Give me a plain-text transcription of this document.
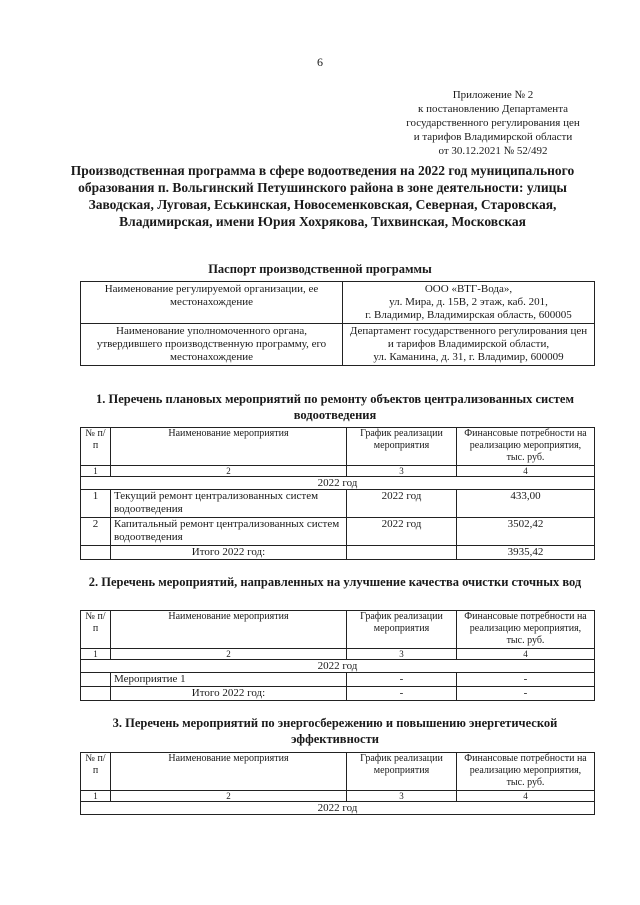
6
Приложение № 2
к постановлению Департамента
государственного регулирования цен
и тарифов Владимирской области
от 30.12.2021 № 52/492
Производственная программа в сфере водоотведения на 2022 год муниципального образования п. Вольгинский Петушинского района в зоне деятельности: улицы Заводская, Луговая, Еськинская, Новосеменковская, Северная, Старовская, Владимирская, имени Юрия Хохрякова, Тихвинская, Московская
Паспорт производственной программы
Наименование регулируемой организации, ее местонахождение	ООО «ВТГ-Вода»,
ул. Мира, д. 15В, 2 этаж, каб. 201,
г. Владимир, Владимирская область, 600005

Наименование уполномоченного органа, утвердившего производственную программу, его местонахождение	Департамент государственного регулирования цен и тарифов Владимирской области,
ул. Каманина, д. 31, г. Владимир, 600009
1. Перечень плановых мероприятий по ремонту объектов централизованных систем водоотведения
№ п/п	Наименование мероприятия	График реализации мероприятия	Финансовые потребности на реализацию мероприятия, тыс. руб.
1	2	3	4
2022 год			
1	Текущий ремонт централизованных систем водоотведения	2022 год	433,00
2	Капитальный ремонт централизованных систем водоотведения	2022 год	3502,42
	Итого 2022 год:		3935,42
2. Перечень мероприятий, направленных на улучшение качества очистки сточных вод
№ п/п	Наименование мероприятия	График реализации мероприятия	Финансовые потребности на реализацию мероприятия, тыс. руб.
1	2	3	4
2022 год			
	Мероприятие 1	-	-
	Итого 2022 год:	-	-
3. Перечень мероприятий по энергосбережению и повышению энергетической эффективности
№ п/п	Наименование мероприятия	График реализации мероприятия	Финансовые потребности на реализацию мероприятия, тыс. руб.
1	2	3	4
2022 год			
